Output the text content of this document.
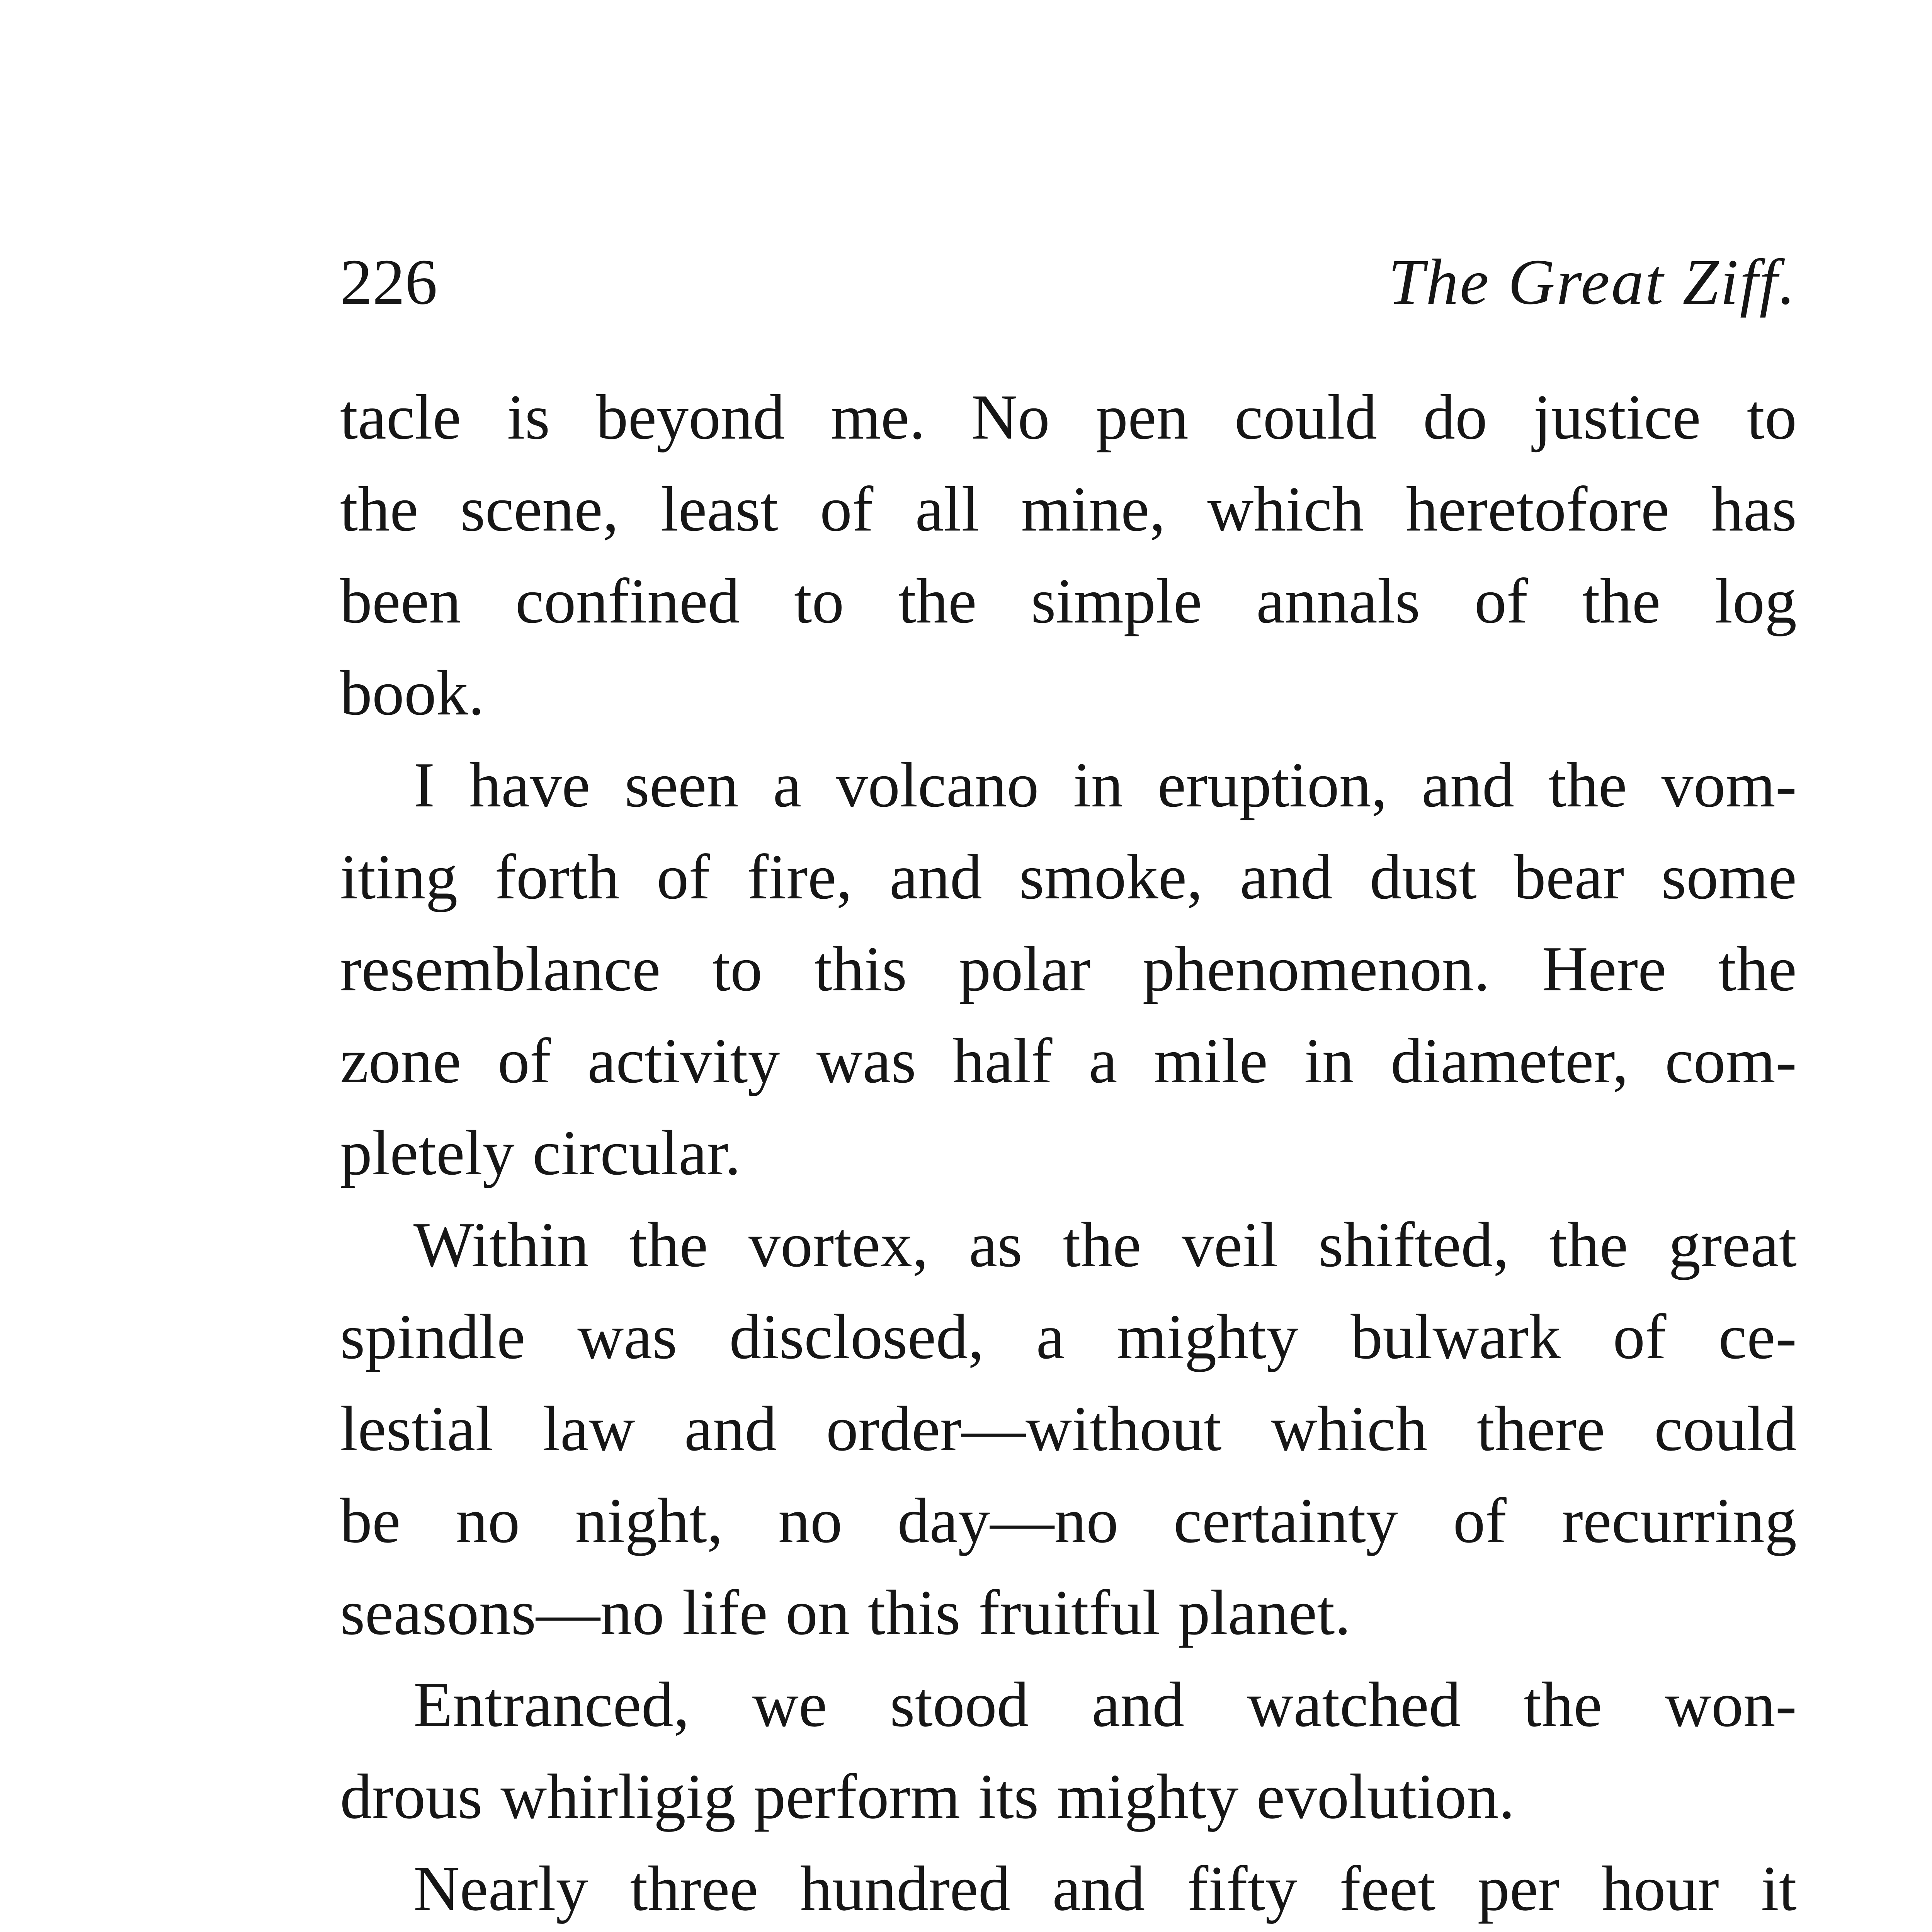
226	The Great Ziff.
tacle is beyond me. No pen could do justice to
the scene, least of all mine, which heretofore has
been confined to the simple annals of the log
book.
I have seen a volcano in eruption, and the vom-
iting forth of fire, and smoke, and dust bear some
resemblance to this polar phenomenon. Here the
zone of activity was half a mile in diameter, com-
pletely circular.
Within the vortex, as the veil shifted, the great
spindle was disclosed, a mighty bulwark of ce-
lestial law and order—without which there could
be no night, no day—no certainty of recurring
seasons—no life on this fruitful planet.
Entranced, we stood and watched the won-
drous whirligig perform its mighty evolution.
Nearly three hundred and fifty feet per hour it
